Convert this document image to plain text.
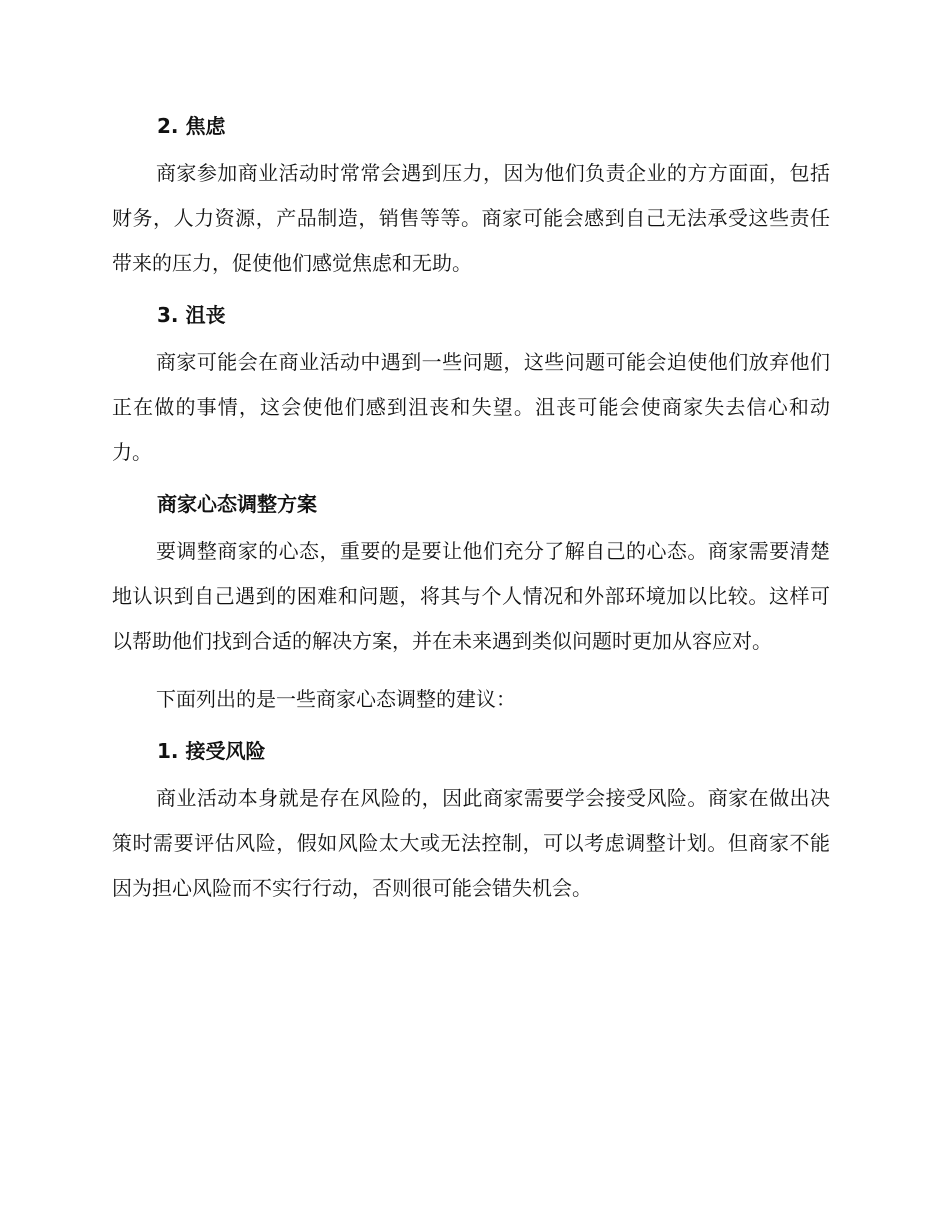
2. 焦虑

商家参加商业活动时常常会遇到压力，因为他们负责企业的方方面面，包括财务，人力资源，产品制造，销售等等。商家可能会感到自己无法承受这些责任带来的压力，促使他们感觉焦虑和无助。

3. 沮丧

商家可能会在商业活动中遇到一些问题，这些问题可能会迫使他们放弃他们正在做的事情，这会使他们感到沮丧和失望。沮丧可能会使商家失去信心和动力。

商家心态调整方案

要调整商家的心态，重要的是要让他们充分了解自己的心态。商家需要清楚地认识到自己遇到的困难和问题，将其与个人情况和外部环境加以比较。这样可以帮助他们找到合适的解决方案，并在未来遇到类似问题时更加从容应对。

下面列出的是一些商家心态调整的建议：

1. 接受风险

商业活动本身就是存在风险的，因此商家需要学会接受风险。商家在做出决策时需要评估风险，假如风险太大或无法控制，可以考虑调整计划。但商家不能因为担心风险而不实行行动，否则很可能会错失机会。
